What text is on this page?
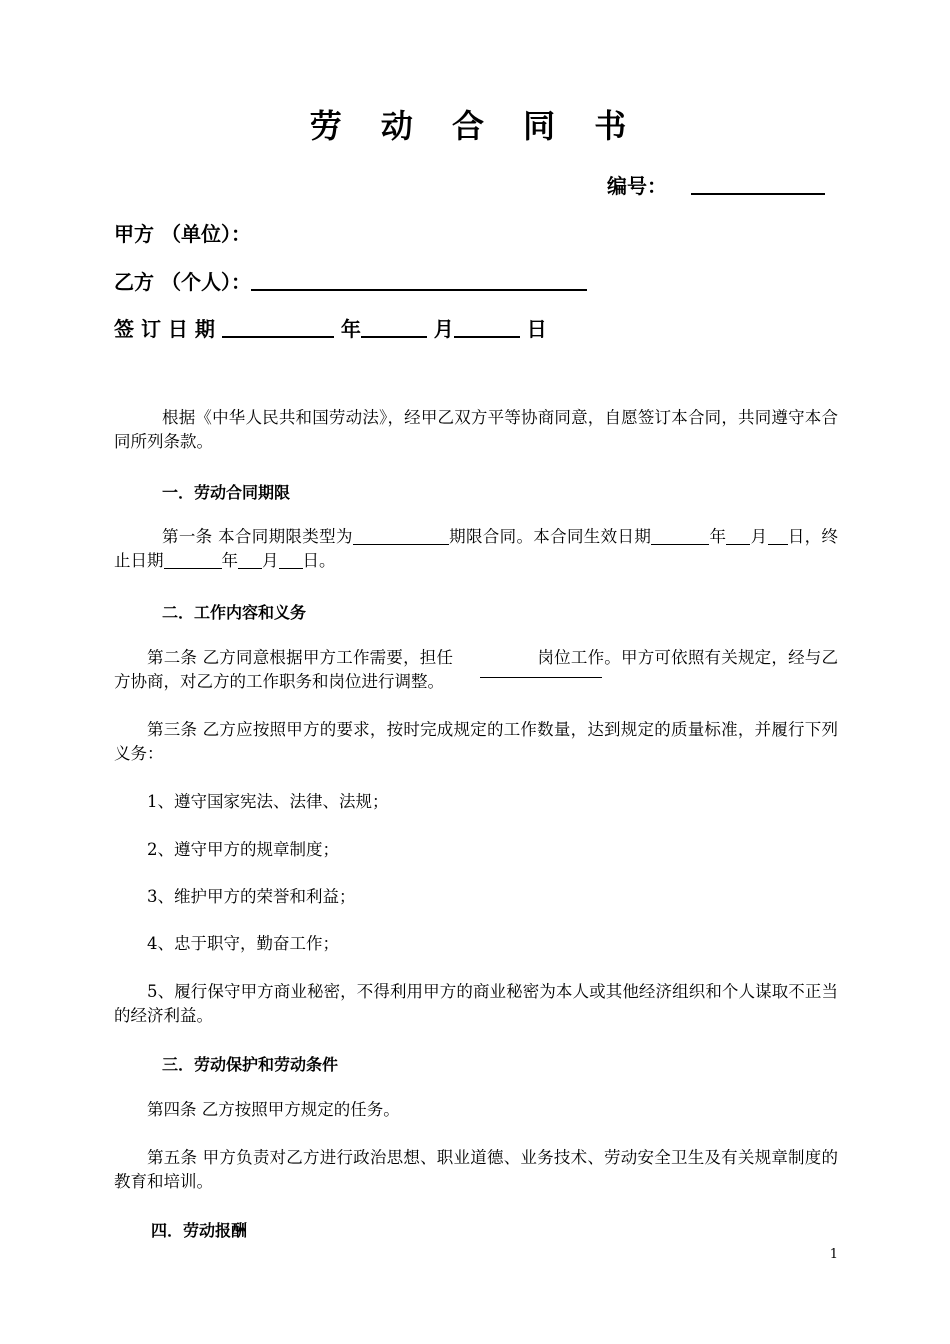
劳 动 合 同 书
编号：
甲方 （单位）：
乙方 （个人）：
签 订 日 期	年	月	日
根据《中华人民共和国劳动法》，经甲乙双方平等协商同意，自愿签订本合同，共同遵守本合同所列条款。
一．劳动合同期限
第一条 本合同期限类型为	期限合同。本合同生效日期	年 月 日，终止日期	年 月 日。
二．工作内容和义务
第二条 乙方同意根据甲方工作需要，担任	岗位工作。甲方可依照有关规定，经与乙方协商，对乙方的工作职务和岗位进行调整。
第三条 乙方应按照甲方的要求，按时完成规定的工作数量，达到规定的质量标准，并履行下列义务：
1、遵守国家宪法、法律、法规；
2、遵守甲方的规章制度；
3、维护甲方的荣誉和利益；
4、忠于职守，勤奋工作；
5、履行保守甲方商业秘密，不得利用甲方的商业秘密为本人或其他经济组织和个人谋取不正当的经济利益。
三．劳动保护和劳动条件
第四条 乙方按照甲方规定的任务。
第五条 甲方负责对乙方进行政治思想、职业道德、业务技术、劳动安全卫生及有关规章制度的教育和培训。
四．劳动报酬
1
